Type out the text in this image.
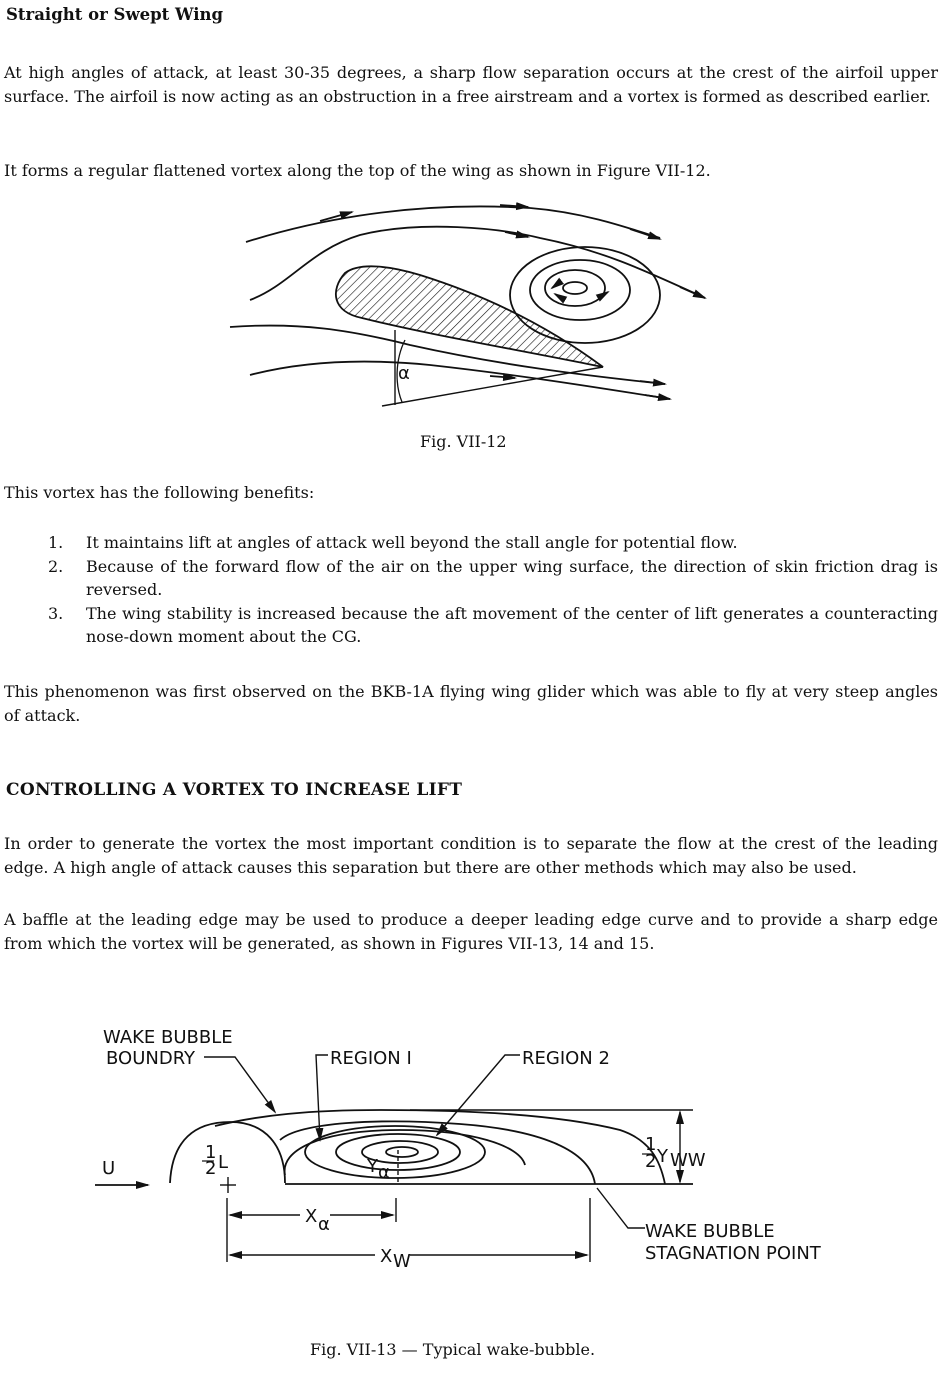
Straight or Swept Wing

At high angles of attack, at least 30-35 degrees, a sharp flow separation occurs at the crest of the airfoil upper surface. The airfoil is now acting as an obstruction in a free airstream and a vortex is formed as described earlier.

It forms a regular flattened vortex along the top of the wing as shown in Figure VII-12.

α
Fig. VII-12

This vortex has the following benefits:

1. It maintains lift at angles of attack well beyond the stall angle for potential flow.
2. Because of the forward flow of the air on the upper wing surface, the direction of skin friction drag is reversed.
3. The wing stability is increased because the aft movement of the center of lift generates a counteracting nose-down moment about the CG.

This phenomenon was first observed on the BKB-1A flying wing glider which was able to fly at very steep angles of attack.

CONTROLLING A VORTEX TO INCREASE LIFT

In order to generate the vortex the most important condition is to separate the flow at the crest of the leading edge. A high angle of attack causes this separation but there are other methods which may also be used.

A baffle at the leading edge may be used to produce a deeper leading edge curve and to provide a sharp edge from which the vortex will be generated, as shown in Figures VII-13, 14 and 15.

WAKE BUBBLE
BOUNDRY	REGION I	REGION 2
U
1
2 L
1
2 Y WW
Y α
X α
X W
WAKE BUBBLE
STAGNATION POINT
Fig. VII-13 — Typical wake-bubble.
